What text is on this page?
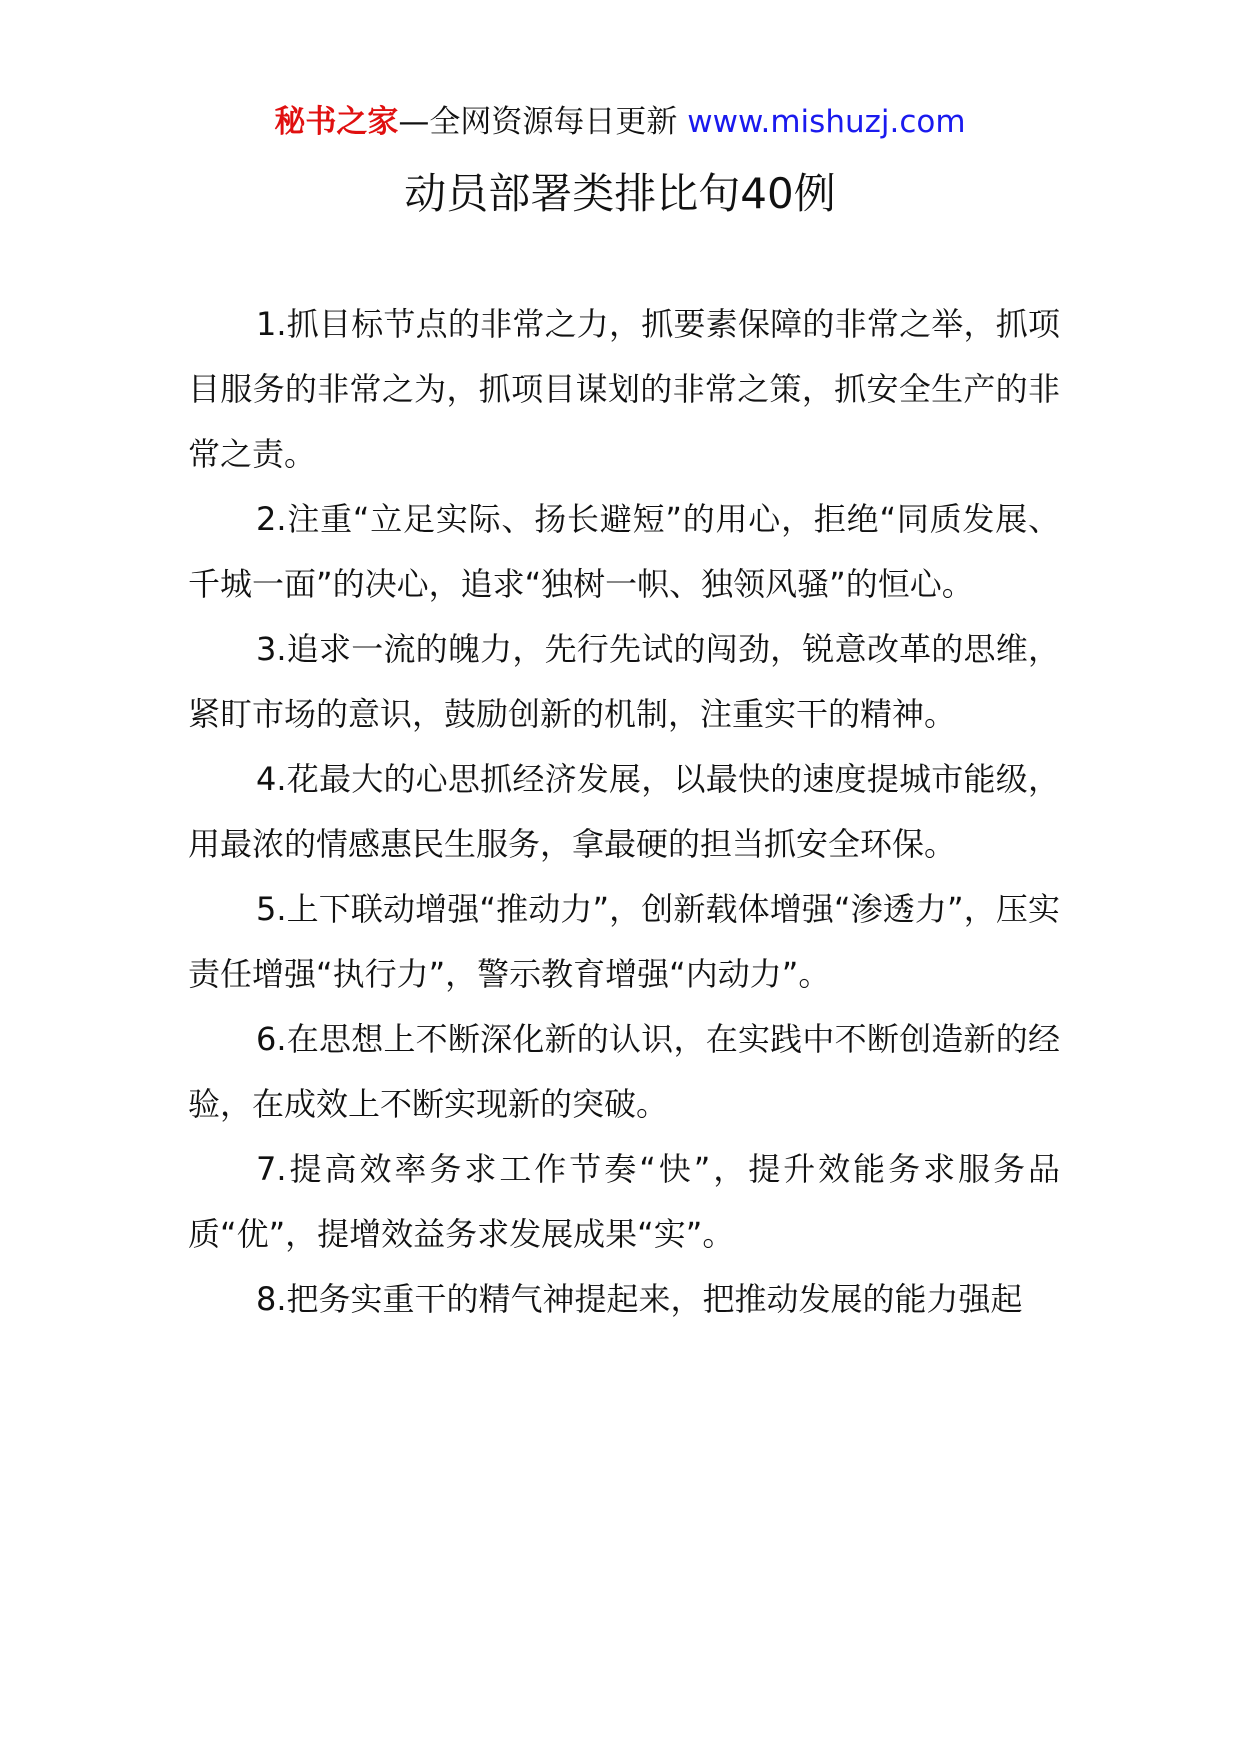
秘书之家—全网资源每日更新 www.mishuzj.com
动员部署类排比句40例

1.抓目标节点的非常之力，抓要素保障的非常之举，抓项目服务的非常之为，抓项目谋划的非常之策，抓安全生产的非常之责。

2.注重“立足实际、扬长避短”的用心，拒绝“同质发展、千城一面”的决心，追求“独树一帜、独领风骚”的恒心。

3.追求一流的魄力，先行先试的闯劲，锐意改革的思维，紧盯市场的意识，鼓励创新的机制，注重实干的精神。

4.花最大的心思抓经济发展，以最快的速度提城市能级，用最浓的情感惠民生服务，拿最硬的担当抓安全环保。

5.上下联动增强“推动力”，创新载体增强“渗透力”，压实责任增强“执行力”，警示教育增强“内动力”。

6.在思想上不断深化新的认识，在实践中不断创造新的经验，在成效上不断实现新的突破。

7.提高效率务求工作节奏“快”，提升效能务求服务品质“优”，提增效益务求发展成果“实”。

8.把务实重干的精气神提起来，把推动发展的能力强起
